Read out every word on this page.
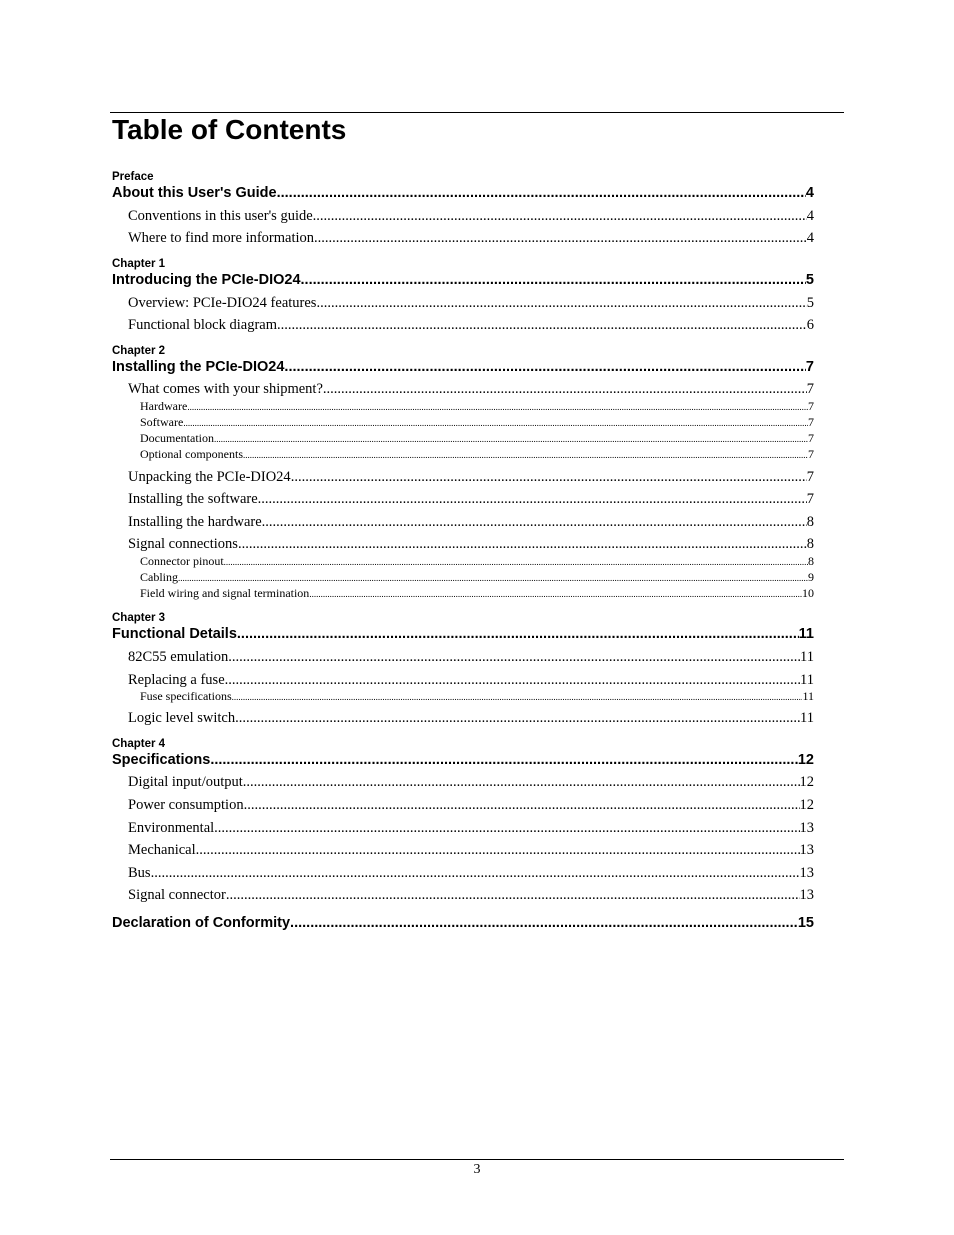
Table of Contents
Preface
About this User's Guide .....	4
Conventions in this user's guide .....	4
Where to find more information .....	4
Chapter 1
Introducing the PCIe-DIO24 .....	5
Overview: PCIe-DIO24 features .....	5
Functional block diagram .....	6
Chapter 2
Installing the PCIe-DIO24 .....	7
What comes with your shipment? .....	7
Hardware .....	7
Software .....	7
Documentation .....	7
Optional components .....	7
Unpacking the PCIe-DIO24 .....	7
Installing the software .....	7
Installing the hardware .....	8
Signal connections .....	8
Connector pinout .....	8
Cabling .....	9
Field wiring and signal termination .....	10
Chapter 3
Functional Details .....	11
82C55 emulation .....	11
Replacing a fuse .....	11
Fuse specifications .....	11
Logic level switch .....	11
Chapter 4
Specifications .....	12
Digital input/output .....	12
Power consumption .....	12
Environmental .....	13
Mechanical .....	13
Bus .....	13
Signal connector .....	13
Declaration of Conformity .....	15
3
